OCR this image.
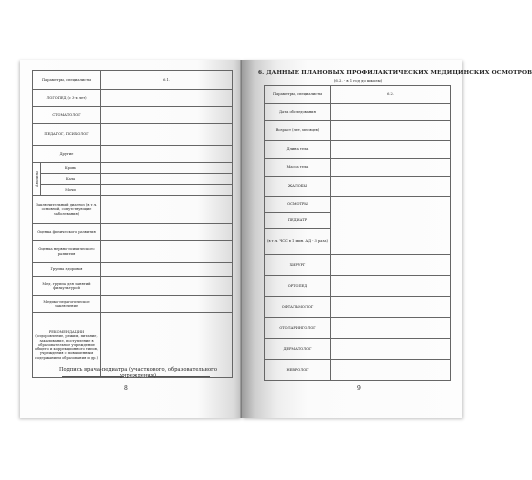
Параметры, специалисты		6.1.
ЛОГОПЕД (с 3-х лет)		
СТОМАТОЛОГ		
ПЕДАГОГ, ПСИХОЛОГ		
Другие		
Анализы	Кровь	
	Кала	
	Мочи	
Заключительный диагноз (в т.ч. основной, сопутствующие заболевания)		
Оценка физического развития		
Оценка нервно-психического развития		
Группа здоровья		
Мед. группа для занятий физкультурой		
Медико-педагогическое заключение		
РЕКОМЕНДАЦИИ (оздоровление, режим, питание, закаливание, поступление в образовательное учреждение общего и коррекционного типов, учреждения с повышенным содержанием образования и др.)		
Подпись врача-педиатра (участкового, образовательного учреждения)
8
6. ДАННЫЕ ПЛАНОВЫХ ПРОФИЛАКТИЧЕСКИХ МЕДИЦИНСКИХ ОСМОТРОВ
(6.2. - в 1 год до школы)
Параметры, специалисты	6.2.
Дата обследования	
Возраст (лет, месяцев)	
Длина тела	
Масса тела	
ЖАЛОБЫ	
ОСМОТРЫ	
ПЕДИАТР	
(в т.ч. ЧСС в 1 мин. АД - 3 раза)	
ХИРУРГ	
ОРТОПЕД	
ОФТАЛЬМОЛОГ	
ОТОЛАРИНГОЛОГ	
ДЕРМАТОЛОГ	
НЕВРОЛОГ	
9
